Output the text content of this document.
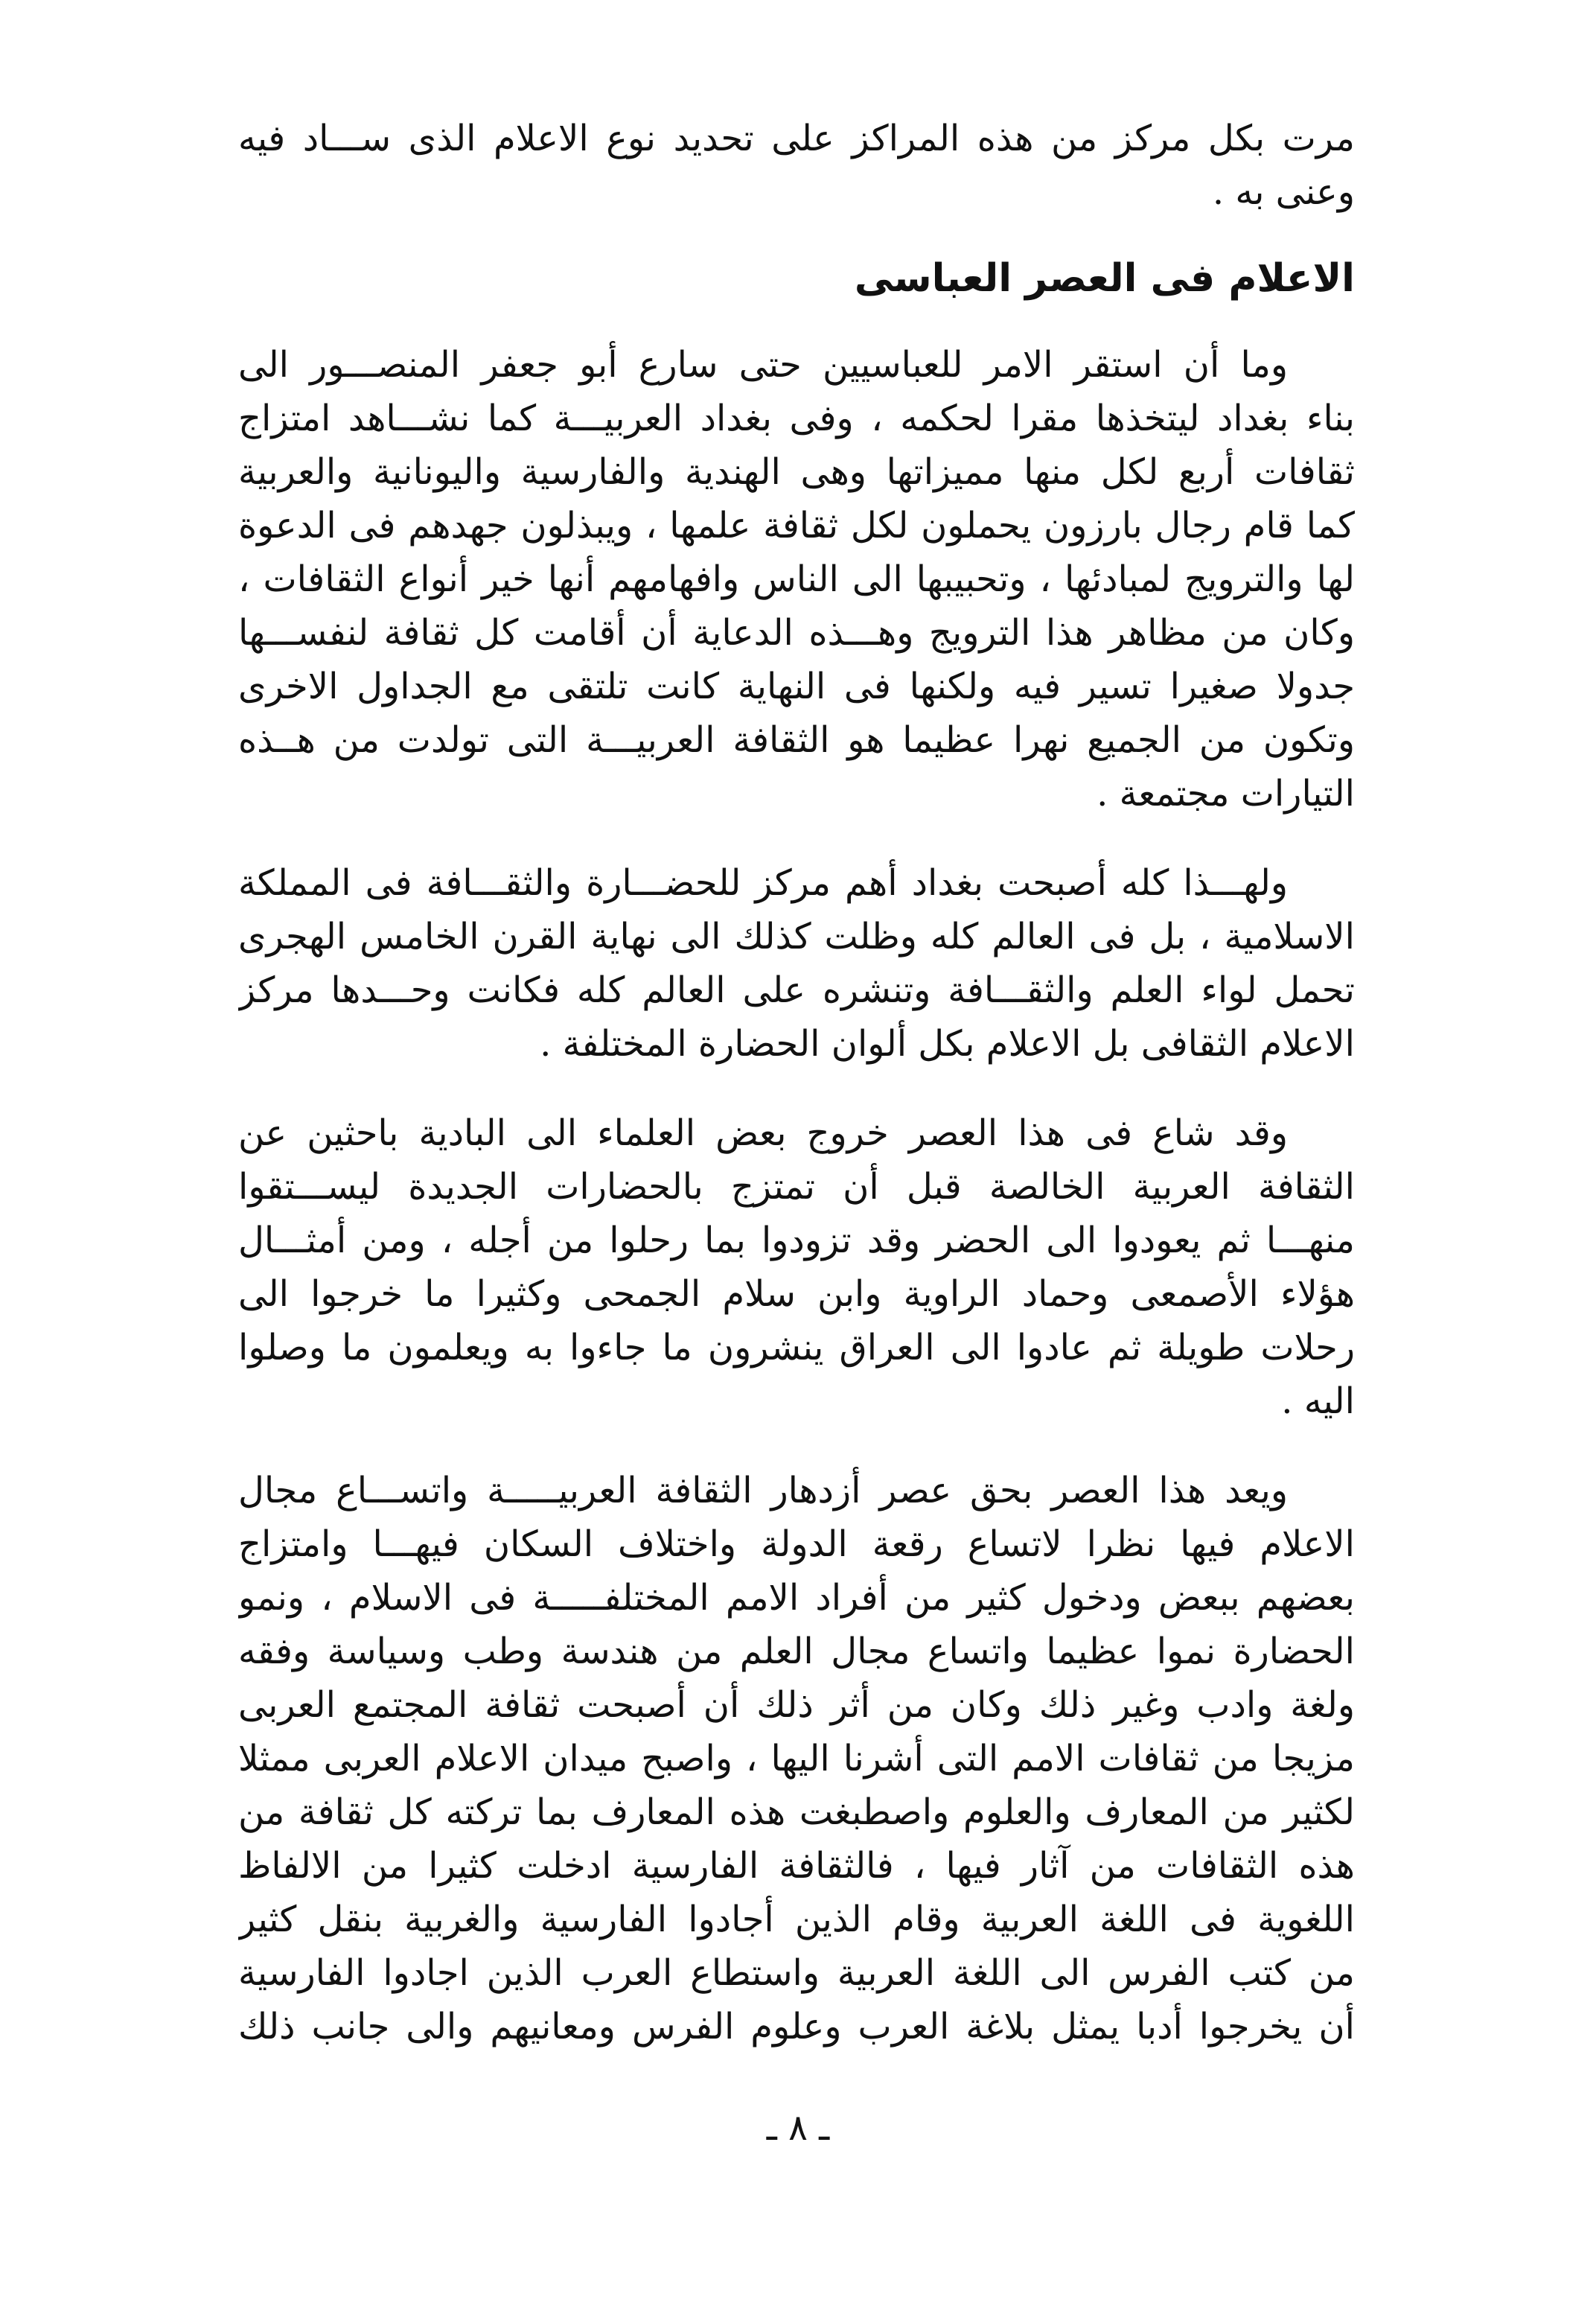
مرت بكل مركز من هذه المراكز على تحديد نوع الاعلام الذى ســـاد فيه
وعنى به .
الاعلام فى العصر العباسى
وما أن استقر الامر للعباسيين حتى سارع أبو جعفر المنصـــور الى
بناء بغداد ليتخذها مقرا لحكمه ، وفى بغداد العربيـــة كما نشـــاهد امتزاج
ثقافات أربع لكل منها مميزاتها وهى الهندية والفارسية واليونانية والعربية
كما قام رجال بارزون يحملون لكل ثقافة علمها ، ويبذلون جهدهم فى الدعوة
لها والترويج لمبادئها ، وتحبيبها الى الناس وافهامهم أنها خير أنواع الثقافات ،
وكان من مظاهر هذا الترويج وهـــذه الدعاية أن أقامت كل ثقافة لنفســـها
جدولا صغيرا تسير فيه ولكنها فى النهاية كانت تلتقى مع الجداول الاخرى
وتكون من الجميع نهرا عظيما هو الثقافة العربيـــة التى تولدت من هــذه
التيارات مجتمعة .
ولهـــذا كله أصبحت بغداد أهم مركز للحضـــارة والثقـــافة فى المملكة
الاسلامية ، بل فى العالم كله وظلت كذلك الى نهاية القرن الخامس الهجرى
تحمل لواء العلم والثقـــافة وتنشره على العالم كله فكانت وحـــدها مركز
الاعلام الثقافى بل الاعلام بكل ألوان الحضارة المختلفة .
وقد شاع فى هذا العصر خروج بعض العلماء الى البادية باحثين عن
الثقافة العربية الخالصة قبل أن تمتزج بالحضارات الجديدة ليســـتقوا
منهـــا ثم يعودوا الى الحضر وقد تزودوا بما رحلوا من أجله ، ومن أمثـــال
هؤلاء الأصمعى وحماد الراوية وابن سلام الجمحى وكثيرا ما خرجوا الى
رحلات طويلة ثم عادوا الى العراق ينشرون ما جاءوا به ويعلمون ما وصلوا
اليه .
ويعد هذا العصر بحق عصر أزدهار الثقافة العربيـــــة واتســـاع مجال
الاعلام فيها نظرا لاتساع رقعة الدولة واختلاف السكان فيهـــا وامتزاج
بعضهم ببعض ودخول كثير من أفراد الامم المختلفـــــة فى الاسلام ، ونمو
الحضارة نموا عظيما واتساع مجال العلم من هندسة وطب وسياسة وفقه
ولغة وادب وغير ذلك وكان من أثر ذلك أن أصبحت ثقافة المجتمع العربى
مزيجا من ثقافات الامم التى أشرنا اليها ، واصبح ميدان الاعلام العربى ممثلا
لكثير من المعارف والعلوم واصطبغت هذه المعارف بما تركته كل ثقافة من
هذه الثقافات من آثار فيها ، فالثقافة الفارسية ادخلت كثيرا من الالفاظ
اللغوية فى اللغة العربية وقام الذين أجادوا الفارسية والغربية بنقل كثير
من كتب الفرس الى اللغة العربية واستطاع العرب الذين اجادوا الفارسية
أن يخرجوا أدبا يمثل بلاغة العرب وعلوم الفرس ومعانيهم والى جانب ذلك
ـ ٨ ـ
